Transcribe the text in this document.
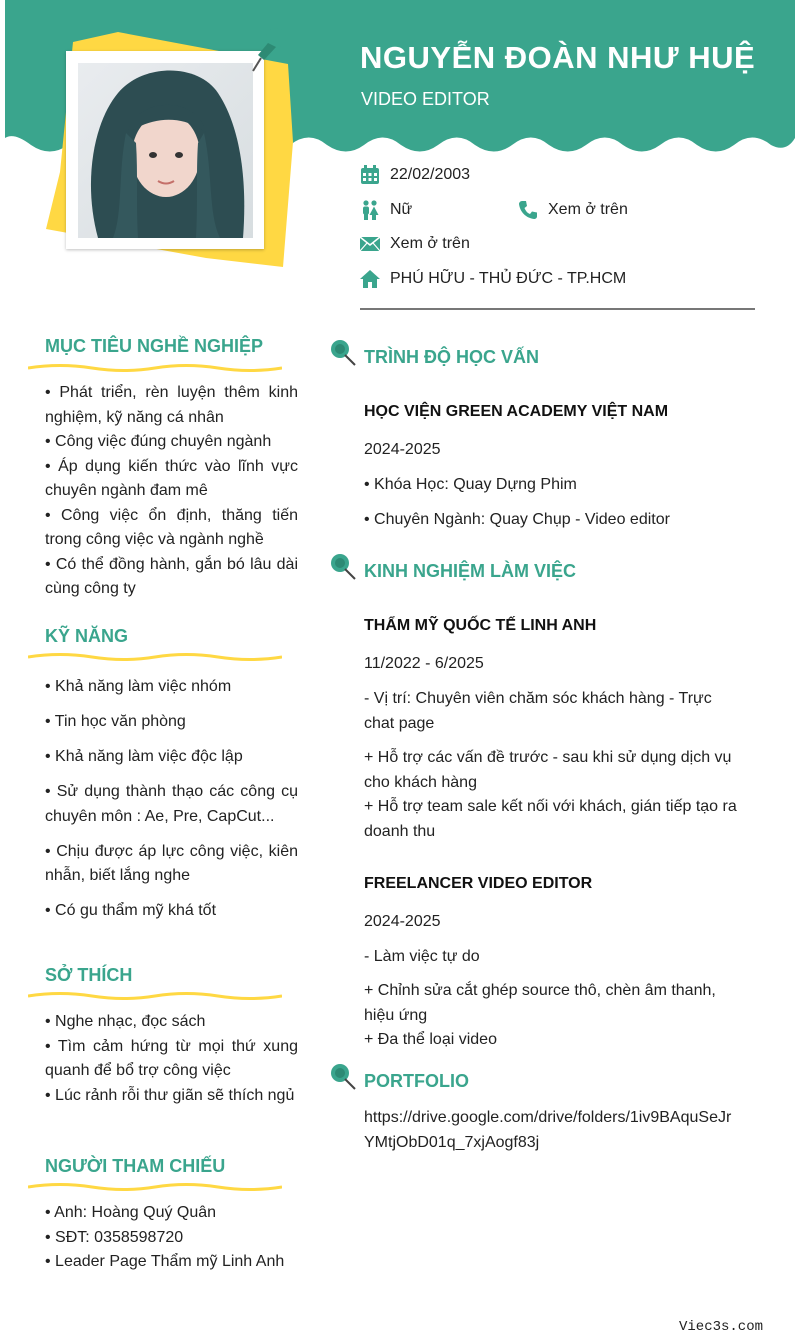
NGUYỄN ĐOÀN NHƯ HUỆ
VIDEO EDITOR
22/02/2003
Nữ	Xem ở trên
Xem ở trên
PHÚ HỮU - THỦ ĐỨC - TP.HCM
MỤC TIÊU NGHỀ NGHIỆP
• Phát triển, rèn luyện thêm kinh nghiệm, kỹ năng cá nhân
• Công việc đúng chuyên ngành
• Áp dụng kiến thức vào lĩnh vực chuyên ngành đam mê
• Công việc ổn định, thăng tiến trong công việc và ngành nghề
• Có thể đồng hành, gắn bó lâu dài cùng công ty
KỸ NĂNG
• Khả năng làm việc nhóm
• Tin học văn phòng
• Khả năng làm việc độc lập
• Sử dụng thành thạo các công cụ chuyên môn : Ae, Pre, CapCut...
• Chịu được áp lực công việc, kiên nhẫn, biết lắng nghe
• Có gu thẩm mỹ khá tốt
SỞ THÍCH
• Nghe nhạc, đọc sách
• Tìm cảm hứng từ mọi thứ xung quanh để bổ trợ công việc
• Lúc rảnh rỗi thư giãn sẽ thích ngủ
NGƯỜI THAM CHIẾU
• Anh: Hoàng Quý Quân
• SĐT: 0358598720
• Leader Page Thẩm mỹ Linh Anh
TRÌNH ĐỘ HỌC VẤN
HỌC VIỆN GREEN ACADEMY VIỆT NAM
2024-2025
• Khóa Học: Quay Dựng Phim
• Chuyên Ngành: Quay Chụp - Video editor
KINH NGHIỆM LÀM VIỆC
THẨM MỸ QUỐC TẾ LINH ANH
11/2022 - 6/2025
- Vị trí: Chuyên viên chăm sóc khách hàng - Trực chat page
+ Hỗ trợ các vấn đề trước - sau khi sử dụng dịch vụ cho khách hàng
+ Hỗ trợ team sale kết nối với khách, gián tiếp tạo ra doanh thu
FREELANCER VIDEO EDITOR
2024-2025
- Làm việc tự do
+ Chỉnh sửa cắt ghép source thô, chèn âm thanh, hiệu ứng
+ Đa thể loại video
PORTFOLIO
https://drive.google.com/drive/folders/1iv9BAquSeJrYMtjObD01q_7xjAogf83j
Viec3s.com
